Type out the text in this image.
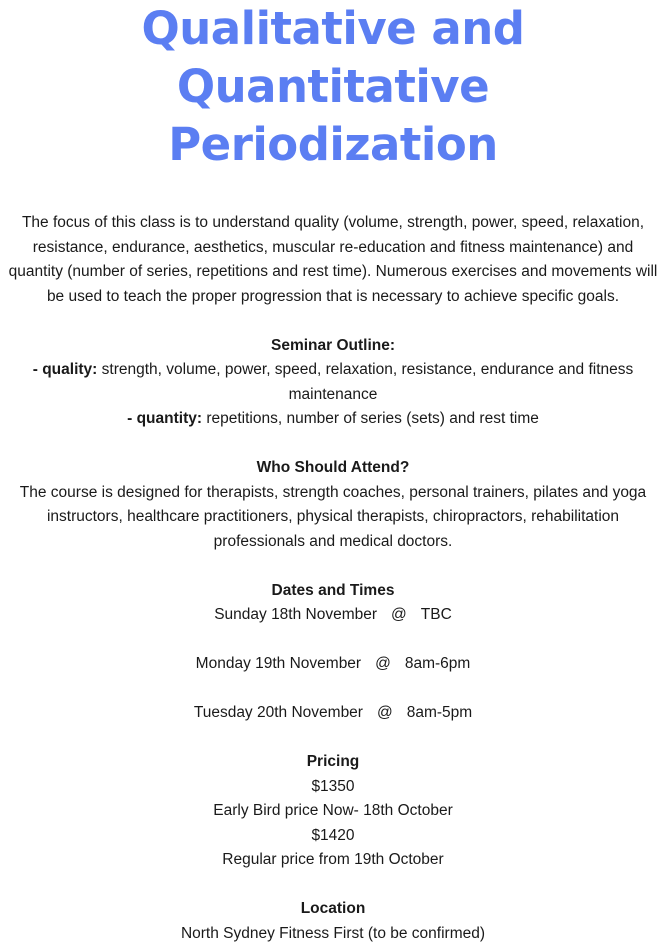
Qualitative and
Quantitative Periodization
The focus of this class is to understand quality (volume, strength, power, speed, relaxation, resistance, endurance, aesthetics, muscular re-education and fitness maintenance) and quantity (number of series, repetitions and rest time). Numerous exercises and movements will be used to teach the proper progression that is necessary to achieve specific goals.
Seminar Outline:
- quality: strength, volume, power, speed, relaxation, resistance, endurance and fitness maintenance
- quantity: repetitions, number of series (sets) and rest time
Who Should Attend?
The course is designed for therapists, strength coaches, personal trainers, pilates and yoga instructors, healthcare practitioners, physical therapists, chiropractors, rehabilitation professionals and medical doctors.
Dates and Times
Sunday 18th November @ TBC
Monday 19th November @ 8am-6pm
Tuesday 20th November @ 8am-5pm
Pricing
$1350
Early Bird price Now- 18th October
$1420
Regular price from 19th October
Location
North Sydney Fitness First (to be confirmed)
